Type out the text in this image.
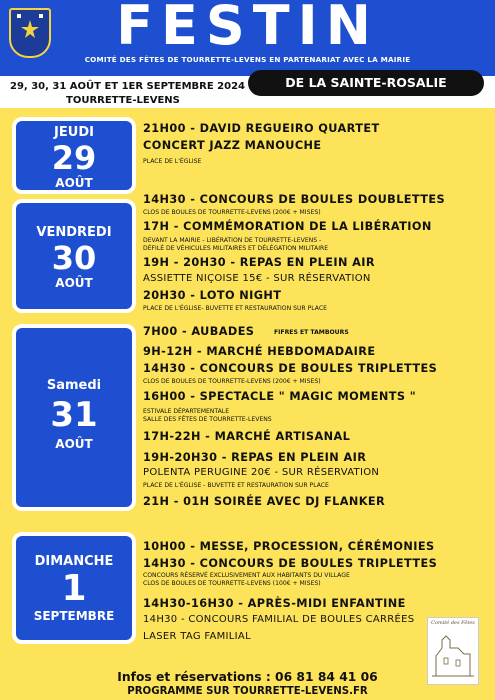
FESTIN
COMITÉ DES FÊTES DE TOURRETTE-LEVENS EN PARTENARIAT AVEC LA MAIRIE
29, 30, 31 AOÛT ET 1ER SEPTEMBRE 2024
TOURRETTE-LEVENS
DE LA SAINTE-ROSALIE
JEUDI
29
AOÛT
VENDREDI
30
AOÛT
Samedi
31
AOÛT
DIMANCHE
1
SEPTEMBRE
21H00 - DAVID REGUEIRO QUARTET
CONCERT JAZZ MANOUCHE
PLACE DE L'ÉGLISE
14H30 - CONCOURS DE BOULES DOUBLETTES
CLOS DE BOULES DE TOURRETTE-LEVENS (200€ + MISES)
17H - COMMÉMORATION DE LA LIBÉRATION
DEVANT LA MAIRIE - LIBÉRATION DE TOURRETTE-LEVENS -
DÉFILÉ DE VÉHICULES MILITAIRES ET DÉLÉGATION MILITAIRE
19H - 20H30 - REPAS EN PLEIN AIR
ASSIETTE NIÇOISE 15€ - SUR RÉSERVATION
20H30 - LOTO NIGHT
PLACE DE L'ÉGLISE- BUVETTE ET RESTAURATION SUR PLACE
7H00 - AUBADES
9H-12H - MARCHÉ HEBDOMADAIRE
14H30 - CONCOURS DE BOULES TRIPLETTES
CLOS DE BOULES DE TOURRETTE-LEVENS (200€ + MISES)
16H00 - SPECTACLE " MAGIC MOMENTS "
ESTIVALE DÉPARTEMENTALE
SALLE DES FÊTES DE TOURRETTE-LEVENS
17H-22H - MARCHÉ ARTISANAL
19H-20H30 - REPAS EN PLEIN AIR
POLENTA PERUGINE 20€ - SUR RÉSERVATION
PLACE DE L'ÉGLISE - BUVETTE ET RESTAURATION SUR PLACE
21H - 01H SOIRÉE AVEC DJ FLANKER
10H00 - MESSE, PROCESSION, CÉRÉMONIES
14H30 - CONCOURS DE BOULES TRIPLETTES
CONCOURS RÉSERVÉ EXCLUSIVEMENT AUX HABITANTS DU VILLAGE
CLOS DE BOULES DE TOURRETTE-LEVENS (100€ + MISES)
14H30-16H30 - APRÈS-MIDI ENFANTINE
14H30 - CONCOURS FAMILIAL DE BOULES CARRÉES
LASER TAG FAMILIAL
FIFRES ET TAMBOURS
Infos et réservations : 06 81 84 41 06
PROGRAMME SUR TOURRETTE-LEVENS.FR
Comité des Fêtes
